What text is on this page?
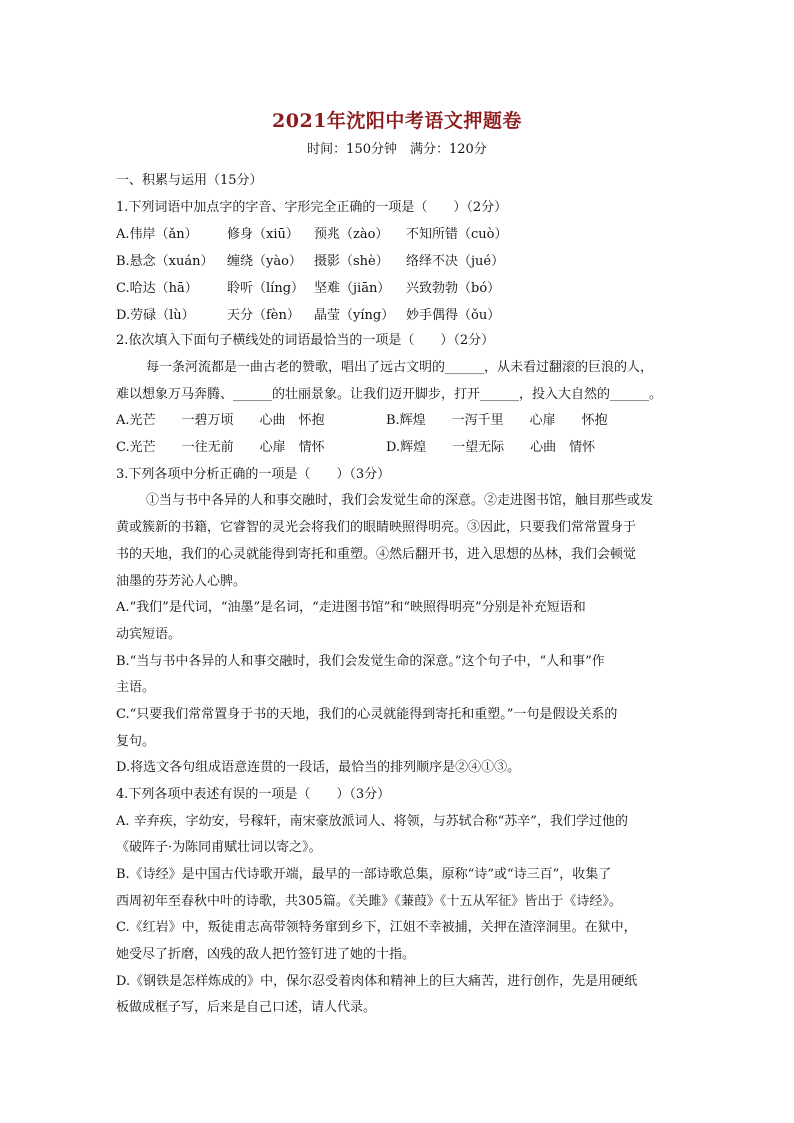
2021年沈阳中考语文押题卷
时间：150分钟　满分：120分
一、积累与运用（15分）
1.下列词语中加点字的字音、字形完全正确的一项是（　　）（2分）
A.伟岸（ǎn） 修身（xiū） 预兆（zào） 不知所错（cuò）
B.悬念（xuán） 缠绕（yào） 摄影（shè） 络绎不决（jué）
C.哈达（hā） 聆听（líng） 坚难（jiān） 兴致勃勃（bó）
D.劳碌（lù） 天分（fèn） 晶莹（yíng） 妙手偶得（ǒu）
2.依次填入下面句子横线处的词语最恰当的一项是（　　）（2分）
每一条河流都是一曲古老的赞歌，唱出了远古文明的______，从未看过翻滚的巨浪的人，
难以想象万马奔腾、______的壮丽景象。让我们迈开脚步，打开______，投入大自然的______。
A.光芒　　一碧万顷　　心曲　怀抱	B.辉煌　　一泻千里　　心扉　　怀抱
C.光芒　　一往无前　　心扉　情怀	D.辉煌　　一望无际　　心曲　情怀
3.下列各项中分析正确的一项是（　　）（3分）
①当与书中各异的人和事交融时，我们会发觉生命的深意。②走进图书馆，触目那些或发
黄或簇新的书籍，它睿智的灵光会将我们的眼睛映照得明亮。③因此，只要我们常常置身于
书的天地，我们的心灵就能得到寄托和重塑。④然后翻开书，进入思想的丛林，我们会顿觉
油墨的芬芳沁人心脾。
A.“我们”是代词，“油墨”是名词，“走进图书馆”和“映照得明亮”分别是补充短语和
动宾短语。
B.“当与书中各异的人和事交融时，我们会发觉生命的深意。”这个句子中，“人和事”作
主语。
C.“只要我们常常置身于书的天地，我们的心灵就能得到寄托和重塑。”一句是假设关系的
复句。
D.将选文各句组成语意连贯的一段话，最恰当的排列顺序是②④①③。
4.下列各项中表述有误的一项是（　　）（3分）
A. 辛弃疾，字幼安，号稼轩，南宋豪放派词人、将领，与苏轼合称“苏辛”，我们学过他的
《破阵子·为陈同甫赋壮词以寄之》。
B.《诗经》是中国古代诗歌开端，最早的一部诗歌总集，原称“诗”或“诗三百”，收集了
西周初年至春秋中叶的诗歌，共305篇。《关雎》《蒹葭》《十五从军征》皆出于《诗经》。
C.《红岩》中，叛徒甫志高带领特务窜到乡下，江姐不幸被捕，关押在渣滓洞里。在狱中，
她受尽了折磨，凶残的敌人把竹签钉进了她的十指。
D.《钢铁是怎样炼成的》中，保尔忍受着肉体和精神上的巨大痛苦，进行创作，先是用硬纸
板做成框子写，后来是自己口述，请人代录。
